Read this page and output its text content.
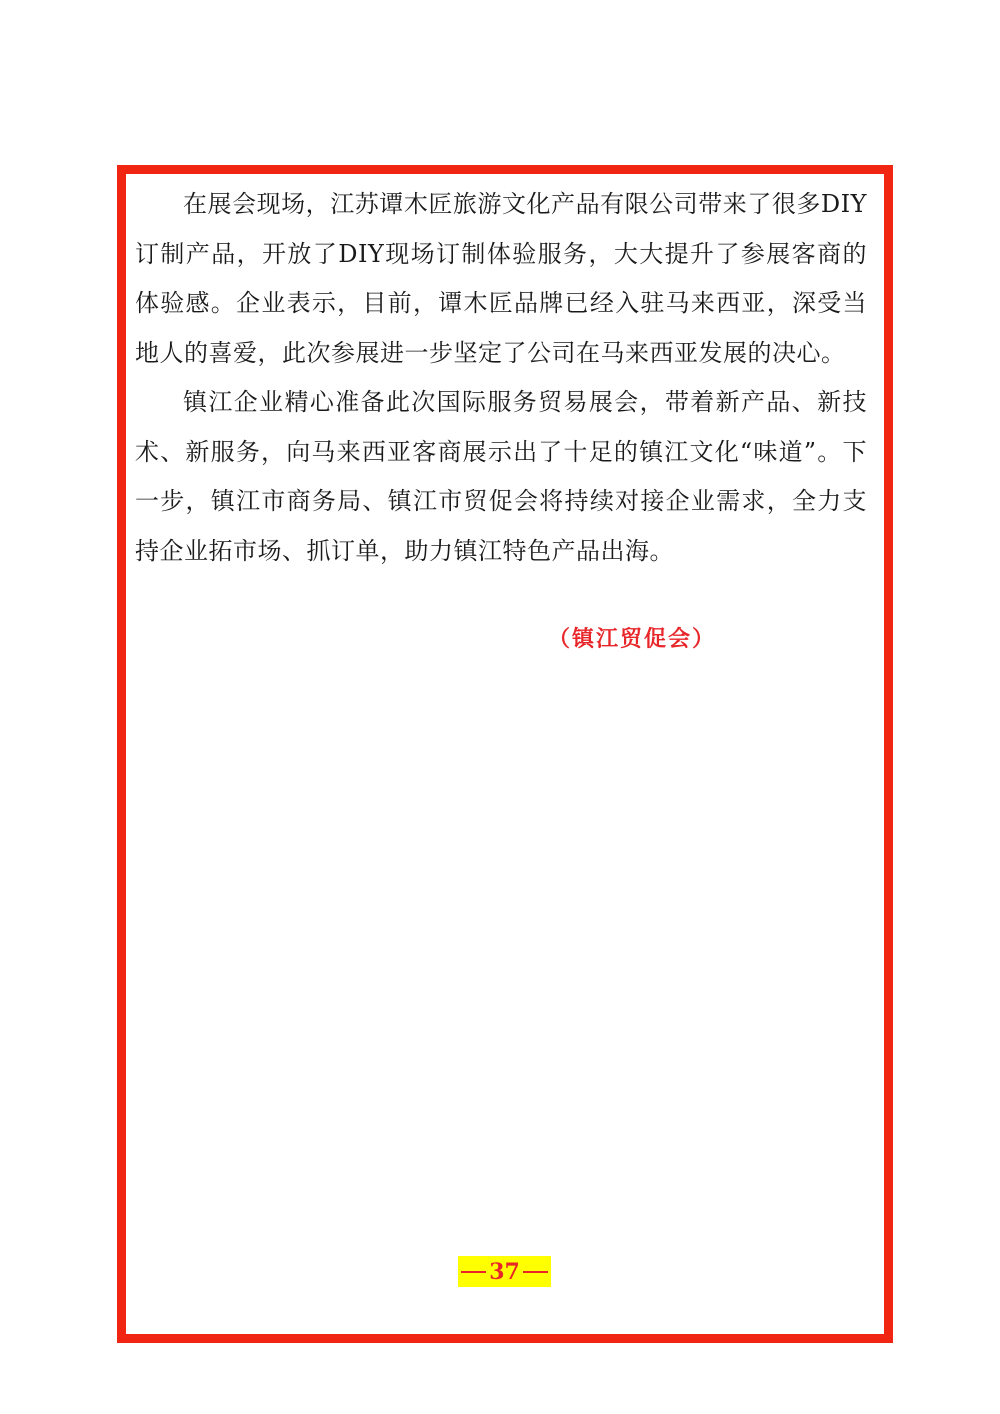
在展会现场，江苏谭木匠旅游文化产品有限公司带来了很多DIY订制产品，开放了DIY现场订制体验服务，大大提升了参展客商的体验感。企业表示，目前，谭木匠品牌已经入驻马来西亚，深受当地人的喜爱，此次参展进一步坚定了公司在马来西亚发展的决心。

镇江企业精心准备此次国际服务贸易展会，带着新产品、新技术、新服务，向马来西亚客商展示出了十足的镇江文化“味道”。下一步，镇江市商务局、镇江市贸促会将持续对接企业需求，全力支持企业拓市场、抓订单，助力镇江特色产品出海。

（镇江贸促会）
37
